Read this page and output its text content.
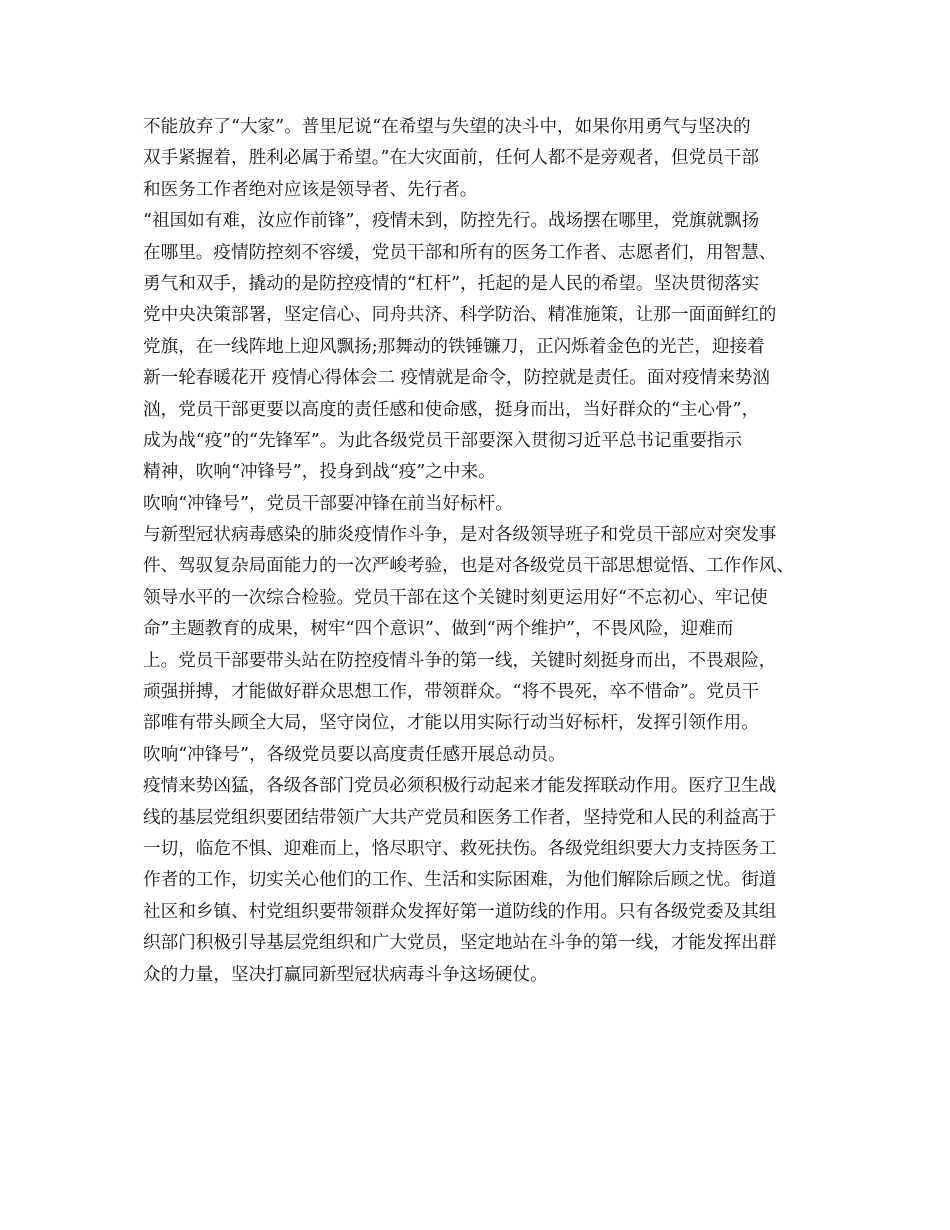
不能放弃了“大家”。普里尼说“在希望与失望的决斗中，如果你用勇气与坚决的
双手紧握着，胜利必属于希望。”在大灾面前，任何人都不是旁观者，但党员干部
和医务工作者绝对应该是领导者、先行者。
“祖国如有难，汝应作前锋”，疫情未到，防控先行。战场摆在哪里，党旗就飘扬
在哪里。疫情防控刻不容缓，党员干部和所有的医务工作者、志愿者们，用智慧、
勇气和双手，撬动的是防控疫情的“杠杆”，托起的是人民的希望。坚决贯彻落实
党中央决策部署，坚定信心、同舟共济、科学防治、精准施策，让那一面面鲜红的
党旗，在一线阵地上迎风飘扬;那舞动的铁锤镰刀，正闪烁着金色的光芒，迎接着
新一轮春暖花开 疫情心得体会二 疫情就是命令，防控就是责任。面对疫情来势汹
汹，党员干部更要以高度的责任感和使命感，挺身而出，当好群众的“主心骨”，
成为战“疫”的“先锋军”。为此各级党员干部要深入贯彻习近平总书记重要指示
精神，吹响“冲锋号”，投身到战“疫”之中来。
吹响“冲锋号”，党员干部要冲锋在前当好标杆。
与新型冠状病毒感染的肺炎疫情作斗争，是对各级领导班子和党员干部应对突发事
件、驾驭复杂局面能力的一次严峻考验，也是对各级党员干部思想觉悟、工作作风、
领导水平的一次综合检验。党员干部在这个关键时刻更运用好“不忘初心、牢记使
命”主题教育的成果，树牢“四个意识”、做到“两个维护”，不畏风险，迎难而
上。党员干部要带头站在防控疫情斗争的第一线，关键时刻挺身而出，不畏艰险，
顽强拼搏，才能做好群众思想工作，带领群众。“将不畏死，卒不惜命”。党员干
部唯有带头顾全大局，坚守岗位，才能以用实际行动当好标杆，发挥引领作用。
吹响“冲锋号”，各级党员要以高度责任感开展总动员。
疫情来势凶猛，各级各部门党员必须积极行动起来才能发挥联动作用。医疗卫生战
线的基层党组织要团结带领广大共产党员和医务工作者，坚持党和人民的利益高于
一切，临危不惧、迎难而上，恪尽职守、救死扶伤。各级党组织要大力支持医务工
作者的工作，切实关心他们的工作、生活和实际困难，为他们解除后顾之忧。街道
社区和乡镇、村党组织要带领群众发挥好第一道防线的作用。只有各级党委及其组
织部门积极引导基层党组织和广大党员，坚定地站在斗争的第一线，才能发挥出群
众的力量，坚决打赢同新型冠状病毒斗争这场硬仗。
